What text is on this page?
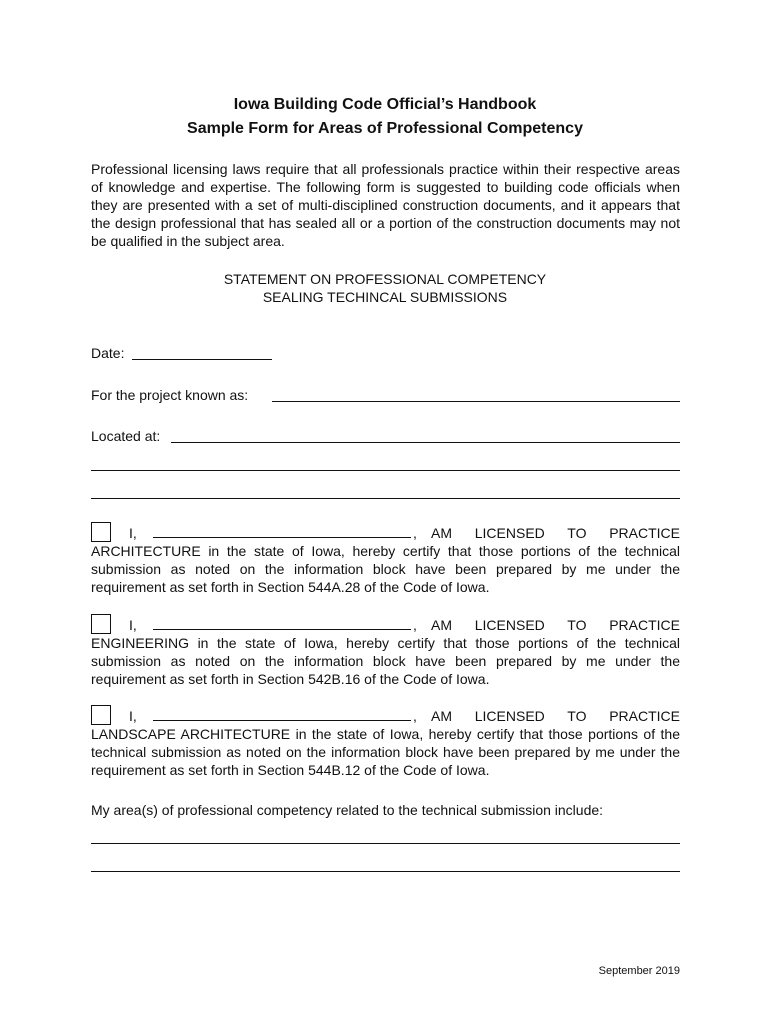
Iowa Building Code Official’s Handbook
Sample Form for Areas of Professional Competency
Professional licensing laws require that all professionals practice within their respective areas of knowledge and expertise. The following form is suggested to building code officials when they are presented with a set of multi-disciplined construction documents, and it appears that the design professional that has sealed all or a portion of the construction documents may not be qualified in the subject area.
STATEMENT ON PROFESSIONAL COMPETENCY
SEALING TECHINCAL SUBMISSIONS
Date:
For the project known as:
Located at:
I,	,	AM LICENSED TO PRACTICE
ARCHITECTURE in the state of Iowa, hereby certify that those portions of the technical submission as noted on the information block have been prepared by me under the requirement as set forth in Section 544A.28 of the Code of Iowa.
I,	,	AM LICENSED TO PRACTICE
ENGINEERING in the state of Iowa, hereby certify that those portions of the technical submission as noted on the information block have been prepared by me under the requirement as set forth in Section 542B.16 of the Code of Iowa.
I,	,	AM LICENSED TO PRACTICE
LANDSCAPE ARCHITECTURE in the state of Iowa, hereby certify that those portions of the technical submission as noted on the information block have been prepared by me under the requirement as set forth in Section 544B.12 of the Code of Iowa.
My area(s) of professional competency related to the technical submission include:
September 2019
